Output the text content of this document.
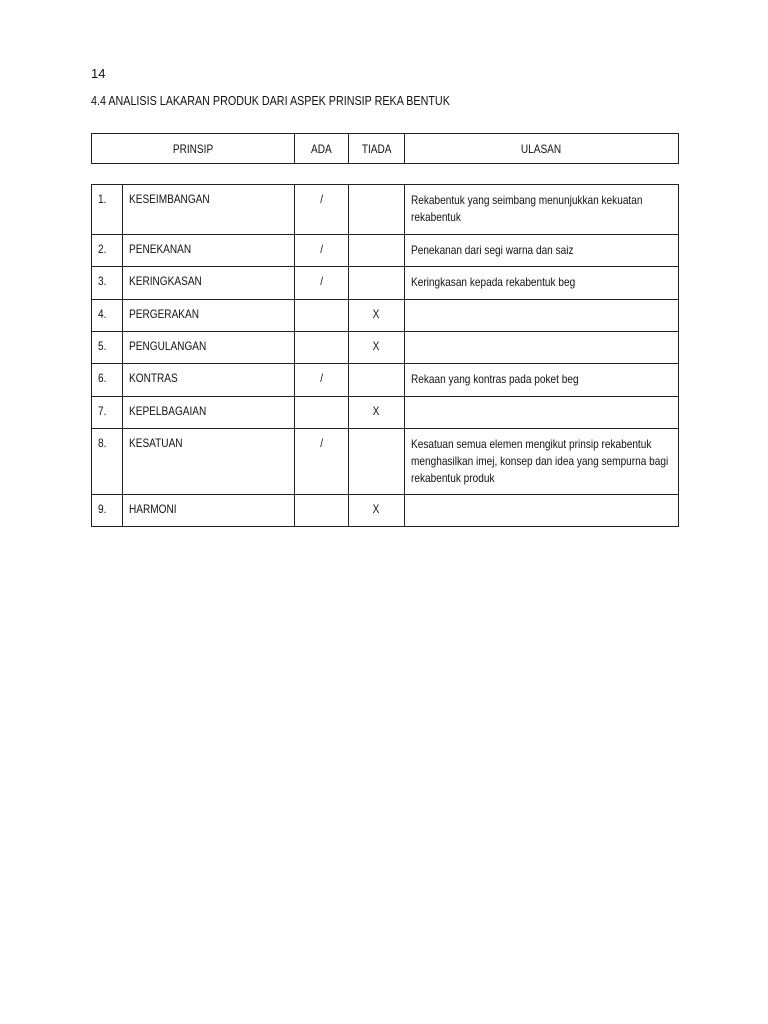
14
4.4 ANALISIS LAKARAN PRODUK DARI ASPEK PRINSIP REKA BENTUK
PRINSIP	ADA	TIADA	ULASAN
1.	KESEIMBANGAN	/		Rekabentuk yang seimbang menunjukkan kekuatan rekabentuk

2.	PENEKANAN	/		Penekanan dari segi warna dan saiz

3.	KERINGKASAN	/		Keringkasan kepada rekabentuk beg

4.	PERGERAKAN		X	

5.	PENGULANGAN		X	

6.	KONTRAS	/		Rekaan yang kontras pada poket beg

7.	KEPELBAGAIAN		X	

8.	KESATUAN	/		Kesatuan semua elemen mengikut prinsip rekabentuk menghasilkan imej, konsep dan idea yang sempurna bagi rekabentuk produk

9.	HARMONI		X	
